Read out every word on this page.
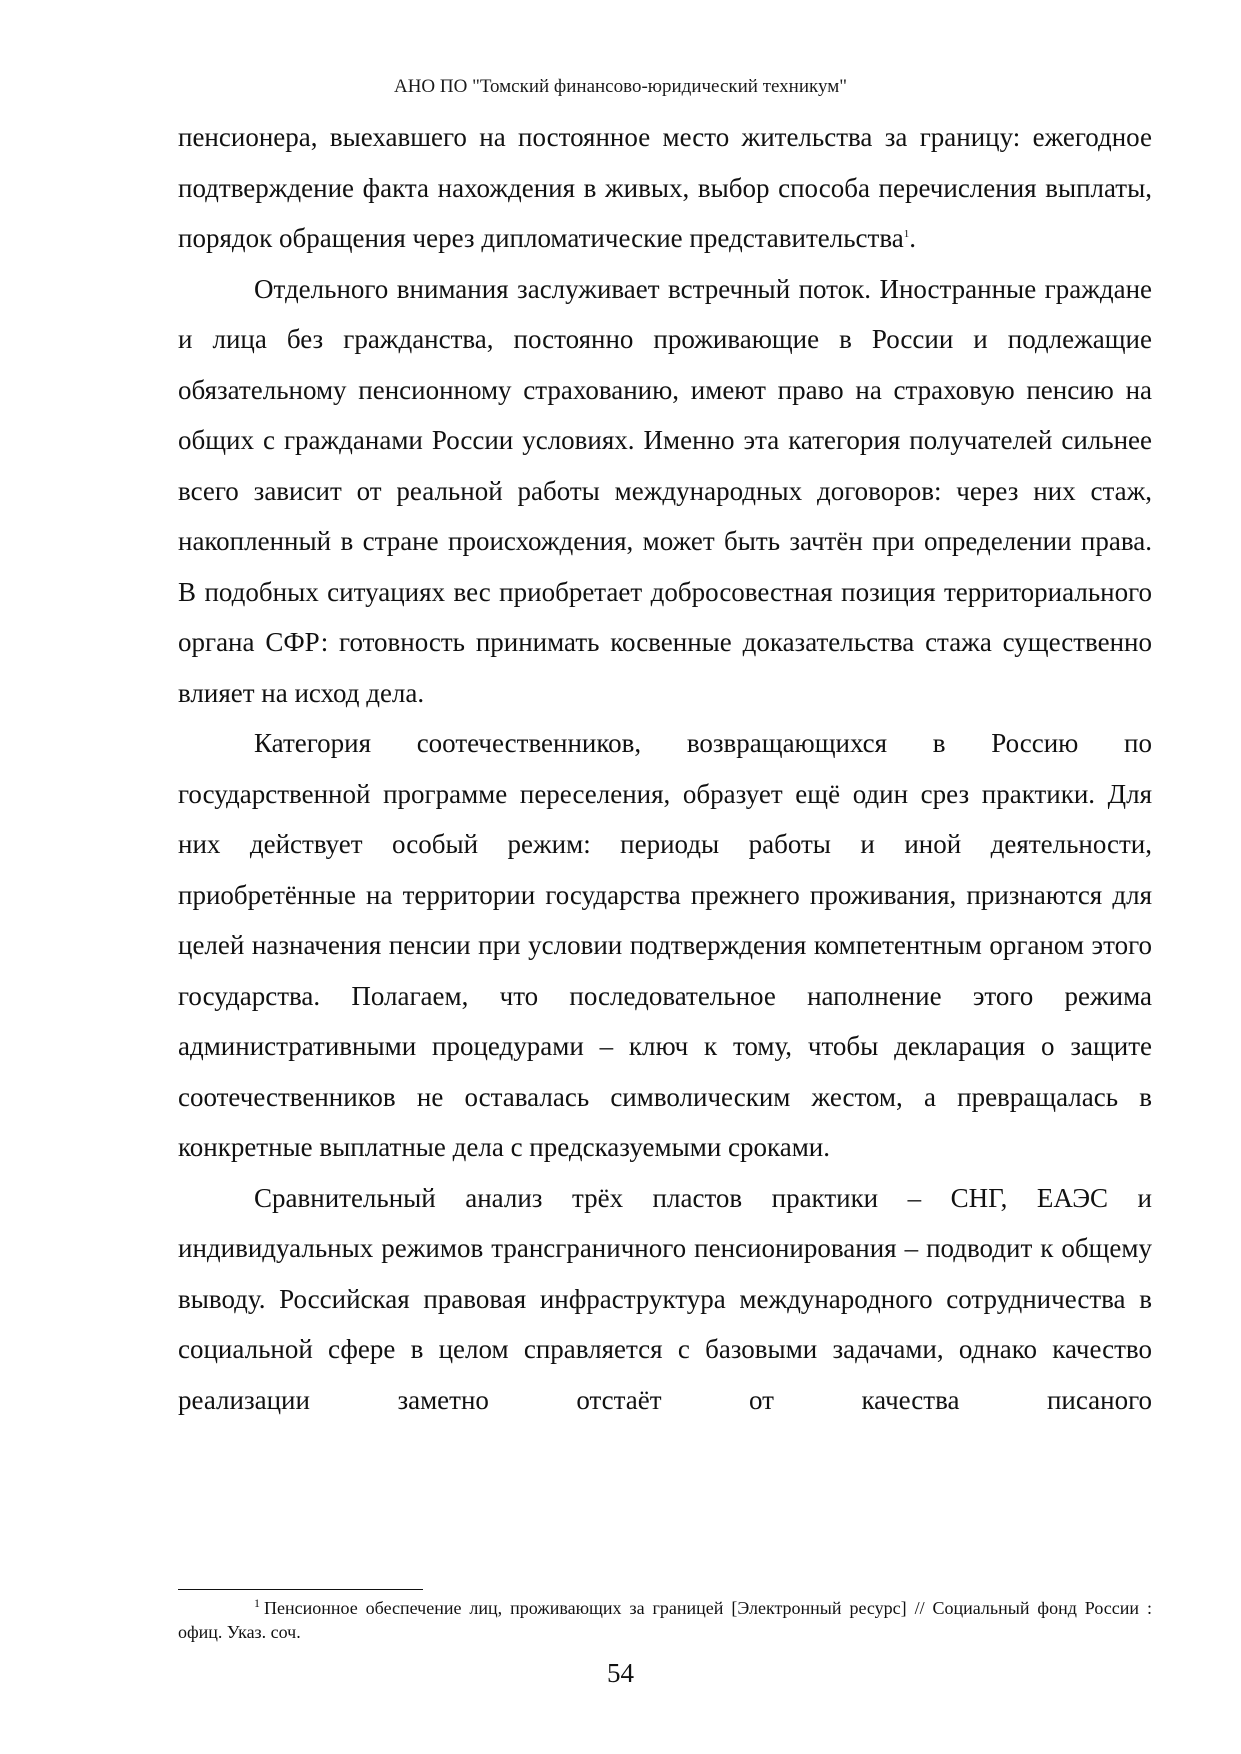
АНО ПО "Томский финансово-юридический техникум"

пенсионера, выехавшего на постоянное место жительства за границу: ежегодное подтверждение факта нахождения в живых, выбор способа перечисления выплаты, порядок обращения через дипломатические представительства$^1$.

Отдельного внимания заслуживает встречный поток. Иностранные граждане и лица без гражданства, постоянно проживающие в России и подлежащие обязательному пенсионному страхованию, имеют право на страховую пенсию на общих с гражданами России условиях. Именно эта категория получателей сильнее всего зависит от реальной работы международных договоров: через них стаж, накопленный в стране происхождения, может быть зачтён при определении права. В подобных ситуациях вес приобретает добросовестная позиция территориального органа СФР: готовность принимать косвенные доказательства стажа существенно влияет на исход дела.

Категория соотечественников, возвращающихся в Россию по государственной программе переселения, образует ещё один срез практики. Для них действует особый режим: периоды работы и иной деятельности, приобретённые на территории государства прежнего проживания, признаются для целей назначения пенсии при условии подтверждения компетентным органом этого государства. Полагаем, что последовательное наполнение этого режима административными процедурами – ключ к тому, чтобы декларация о защите соотечественников не оставалась символическим жестом, а превращалась в конкретные выплатные дела с предсказуемыми сроками.

Сравнительный анализ трёх пластов практики – СНГ, ЕАЭС и индивидуальных режимов трансграничного пенсионирования – подводит к общему выводу. Российская правовая инфраструктура международного сотрудничества в социальной сфере в целом справляется с базовыми задачами, однако качество реализации заметно отстаёт от качества писаного

$^1$ Пенсионное обеспечение лиц, проживающих за границей [Электронный ресурс] // Социальный фонд России : офиц. Указ. соч.

54
